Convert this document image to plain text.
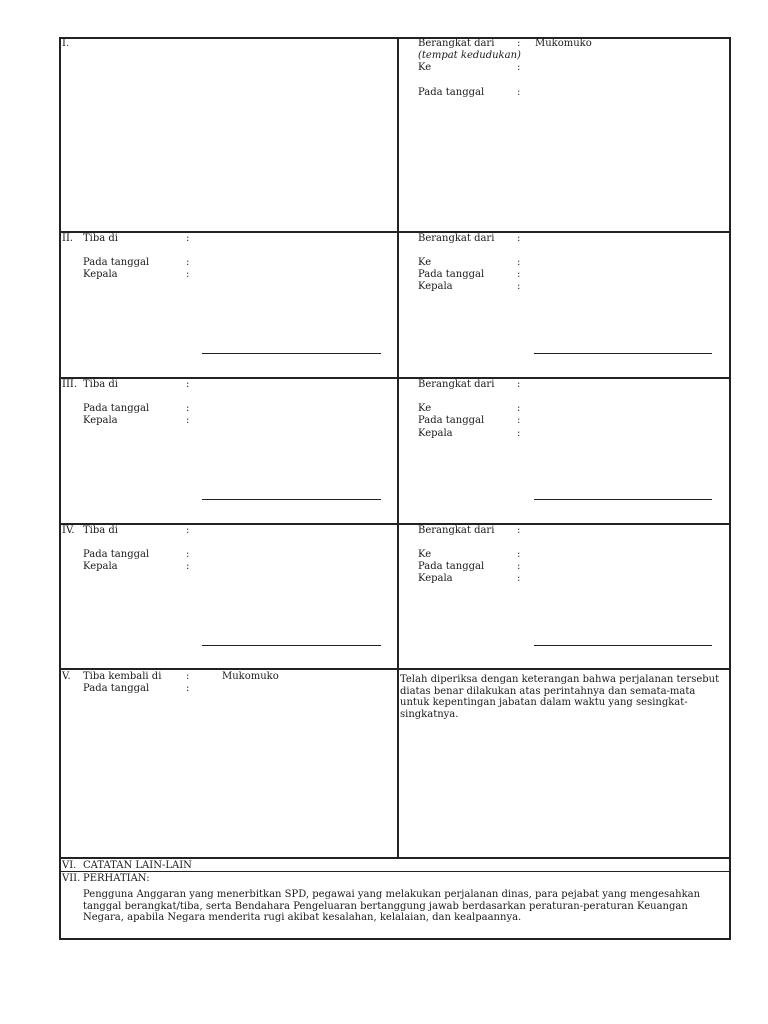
I.	Berangkat dari : Mukomuko
(tempat kedudukan)
Ke	:
Pada tanggal	:
II. Tiba di	:
Pada tanggal	:
Kepala	:
Berangkat dari :
Ke	:
Pada tanggal	:
Kepala	:
III. Tiba di	:
Pada tanggal	:
Kepala	:
Berangkat dari :
Ke	:
Pada tanggal	:
Kepala	:
IV. Tiba di	:
Pada tanggal	:
Kepala	:
Berangkat dari :
Ke	:
Pada tanggal	:
Kepala	:
V. Tiba kembali di :	Mukomuko
Pada tanggal	:
Telah diperiksa dengan keterangan bahwa perjalanan tersebut diatas benar dilakukan atas perintahnya dan semata-mata untuk kepentingan jabatan dalam waktu yang sesingkat-singkatnya.
VI. CATATAN LAIN-LAIN
VII. PERHATIAN:
Pengguna Anggaran yang menerbitkan SPD, pegawai yang melakukan perjalanan dinas, para pejabat yang mengesahkan tanggal berangkat/tiba, serta Bendahara Pengeluaran bertanggung jawab berdasarkan peraturan-peraturan Keuangan Negara, apabila Negara menderita rugi akibat kesalahan, kelalaian, dan kealpaannya.
